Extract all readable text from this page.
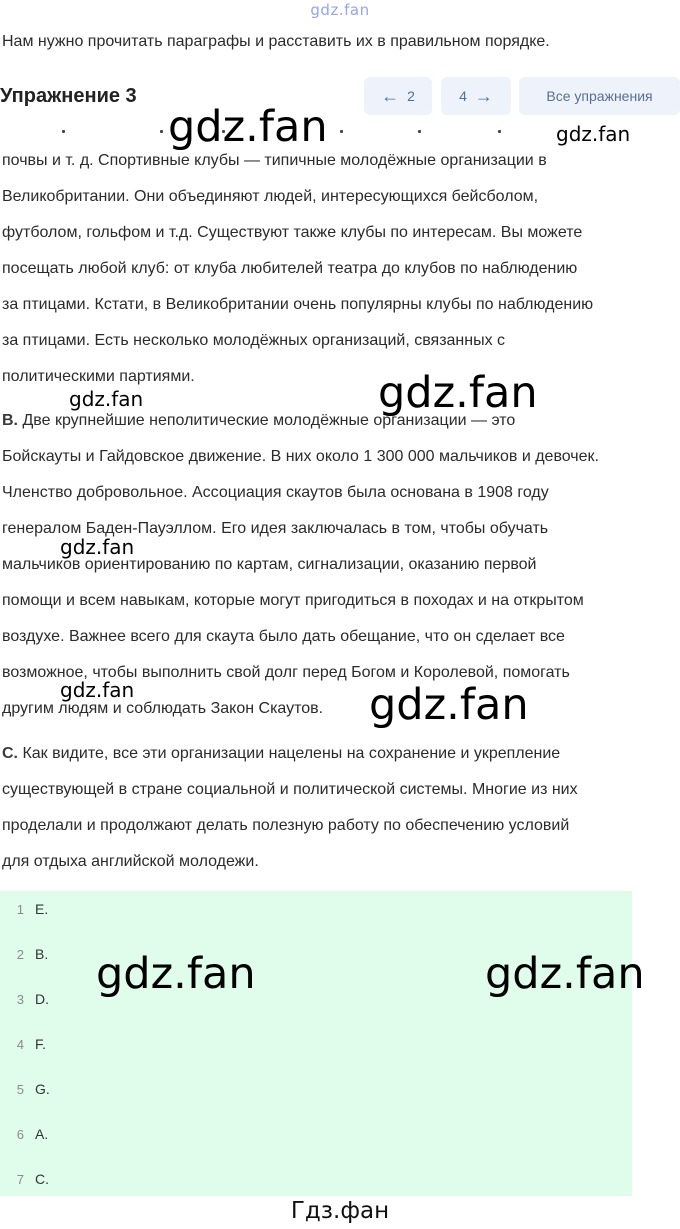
gdz.fan
Нам нужно прочитать параграфы и расставить их в правильном порядке.
Упражнение 3	← 2	4 →	Все упражнения

почвы и т. д. Спортивные клубы — типичные молодёжные организации в

Великобритании. Они объединяют людей, интересующихся бейсболом,

футболом, гольфом и т.д. Существуют также клубы по интересам. Вы можете

посещать любой клуб: от клуба любителей театра до клубов по наблюдению

за птицами. Кстати, в Великобритании очень популярны клубы по наблюдению

за птицами. Есть несколько молодёжных организаций, связанных с

политическими партиями.

B. Две крупнейшие неполитические молодёжные организации — это

Бойскауты и Гайдовское движение. В них около 1 300 000 мальчиков и девочек.

Членство добровольное. Ассоциация скаутов была основана в 1908 году

генералом Баден-Пауэллом. Его идея заключалась в том, чтобы обучать

мальчиков ориентированию по картам, сигнализации, оказанию первой

помощи и всем навыкам, которые могут пригодиться в походах и на открытом

воздухе. Важнее всего для скаута было дать обещание, что он сделает все

возможное, чтобы выполнить свой долг перед Богом и Королевой, помогать

другим людям и соблюдать Закон Скаутов.

C. Как видите, все эти организации нацелены на сохранение и укрепление

существующей в стране социальной и политической системы. Многие из них

проделали и продолжают делать полезную работу по обеспечению условий

для отдыха английской молодежи.

1 E.
2 B.
3 D.
4 F.
5 G.
6 A.
7 C.
gdz.fan	gdz.fan
gdz.fan
gdz.fan
gdz.fan
gdz.fan	gdz.fan
gdz.fan	gdz.fan
Гдз.фан
